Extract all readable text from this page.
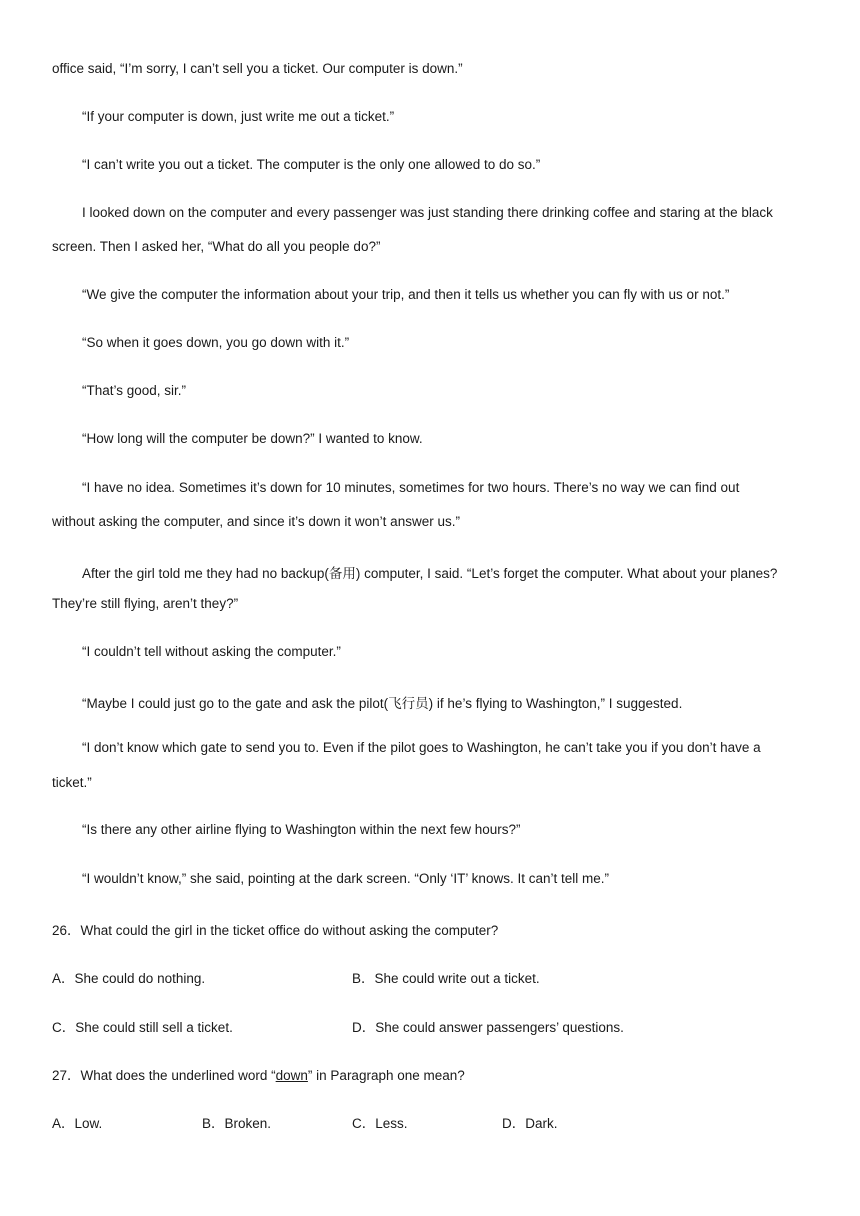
office said, “I’m sorry, I can’t sell you a ticket. Our computer is down.”
“If your computer is down, just write me out a ticket.”
“I can’t write you out a ticket. The computer is the only one allowed to do so.”
I looked down on the computer and every passenger was just standing there drinking coffee and staring at the black
screen. Then I asked her, “What do all you people do?”
“We give the computer the information about your trip, and then it tells us whether you can fly with us or not.”
“So when it goes down, you go down with it.”
“That’s good, sir.”
“How long will the computer be down?” I wanted to know.
“I have no idea. Sometimes it’s down for 10 minutes, sometimes for two hours. There’s no way we can find out
without asking the computer, and since it’s down it won’t answer us.”
After the girl told me they had no backup(备用) computer, I said. “Let’s forget the computer. What about your planes?
They’re still flying, aren’t they?”
“I couldn’t tell without asking the computer.”
“Maybe I could just go to the gate and ask the pilot(飞行员) if he’s flying to Washington,” I suggested.
“I don’t know which gate to send you to. Even if the pilot goes to Washington, he can’t take you if you don’t have a
ticket.”
“Is there any other airline flying to Washington within the next few hours?”
“I wouldn’t know,” she said, pointing at the dark screen. “Only ‘IT’ knows. It can’t tell me.”
26．What could the girl in the ticket office do without asking the computer?
A．She could do nothing.	B．She could write out a ticket.
C．She could still sell a ticket.	D．She could answer passengers’ questions.
27．What does the underlined word “down” in Paragraph one mean?
A．Low.	B．Broken.	C．Less.	D．Dark.
